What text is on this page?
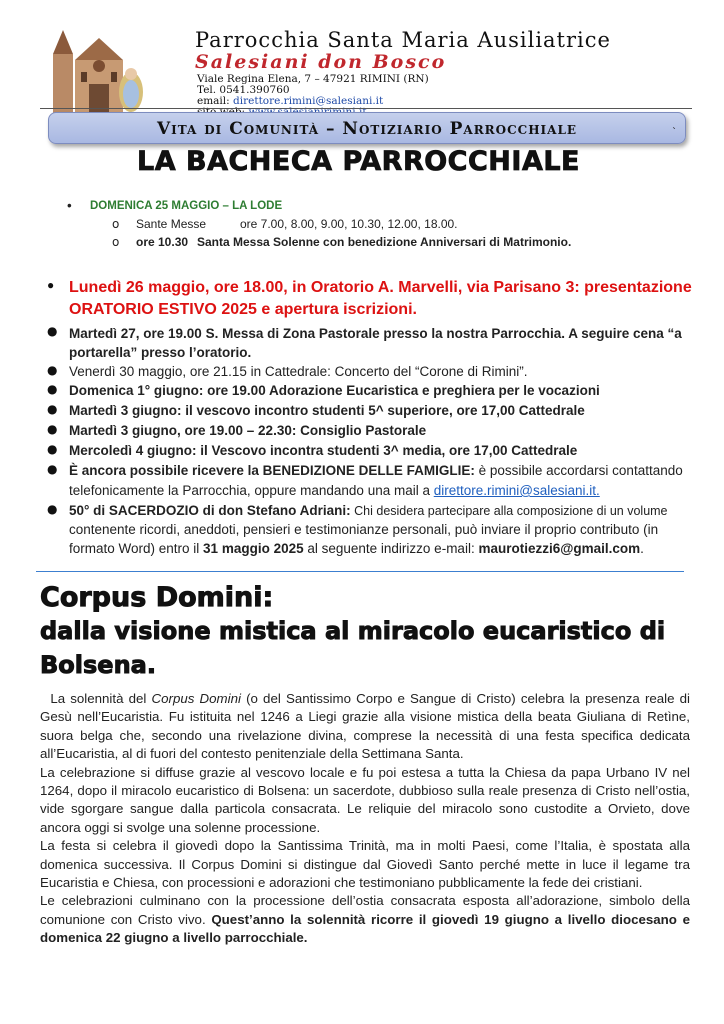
Parrocchia Santa Maria Ausiliatrice
Salesiani don Bosco
Viale Regina Elena, 7 – 47921 RIMINI (RN)
Tel. 0541.390760
email: direttore.rimini@salesiani.it
Vita di Comunità – Notiziario Parrocchiale	`
LA BACHECA PARROCCHIALE
• DOMENICA 25 MAGGIO – LA LODE
o Sante Messe	ore 7.00, 8.00, 9.00, 10.30, 12.00, 18.00.
o ore 10.30 Santa Messa Solenne con benedizione Anniversari di Matrimonio.
● Lunedì 26 maggio, ore 18.00, in Oratorio A. Marvelli, via Parisano 3: presentazione
ORATORIO ESTIVO 2025 e apertura iscrizioni.
Martedì 27, ore 19.00 S. Messa di Zona Pastorale presso la nostra Parrocchia. A seguire cena “a
●
portarella” presso l’oratorio.
● Venerdì 30 maggio, ore 21.15 in Cattedrale: Concerto del “Corone di Rimini”.
● Domenica 1° giugno: ore 19.00 Adorazione Eucaristica e preghiera per le vocazioni
● Martedì 3 giugno: il vescovo incontro studenti 5^ superiore, ore 17,00 Cattedrale
● Martedì 3 giugno, ore 19.00 – 22.30: Consiglio Pastorale
● Mercoledì 4 giugno: il Vescovo incontra studenti 3^ media, ore 17,00 Cattedrale
● È ancora possibile ricevere la BENEDIZIONE DELLE FAMIGLIE: è possibile accordarsi contattando
telefonicamente la Parrocchia, oppure mandando una mail a direttore.rimini@salesiani.it.
● 50° di SACERDOZIO di don Stefano Adriani: Chi desidera partecipare alla composizione di un volume
contenente ricordi, aneddoti, pensieri e testimonianze personali, può inviare il proprio contributo (in
formato Word) entro il 31 maggio 2025 al seguente indirizzo e-mail: maurotiezzi6@gmail.com.
Corpus Domini:
dalla visione mistica al miracolo eucaristico di
Bolsena.

La solennità del Corpus Domini (o del Santissimo Corpo e Sangue di Cristo) celebra la presenza reale di Gesù nell’Eucaristia. Fu istituita nel 1246 a Liegi grazie alla visione mistica della beata Giuliana di Retìne, suora belga che, secondo una rivelazione divina, comprese la necessità di una festa specifica dedicata all’Eucaristia, al di fuori del contesto penitenziale della Settimana Santa.

La celebrazione si diffuse grazie al vescovo locale e fu poi estesa a tutta la Chiesa da papa Urbano IV nel 1264, dopo il miracolo eucaristico di Bolsena: un sacerdote, dubbioso sulla reale presenza di Cristo nell’ostia, vide sgorgare sangue dalla particola consacrata. Le reliquie del miracolo sono custodite a Orvieto, dove ancora oggi si svolge una solenne processione.

La festa si celebra il giovedì dopo la Santissima Trinità, ma in molti Paesi, come l’Italia, è spostata alla domenica successiva. Il Corpus Domini si distingue dal Giovedì Santo perché mette in luce il legame tra Eucaristia e Chiesa, con processioni e adorazioni che testimoniano pubblicamente la fede dei cristiani.

Le celebrazioni culminano con la processione dell’ostia consacrata esposta all’adorazione, simbolo della comunione con Cristo vivo. Quest’anno la solennità ricorre il giovedì 19 giugno a livello diocesano e domenica 22 giugno a livello parrocchiale.
